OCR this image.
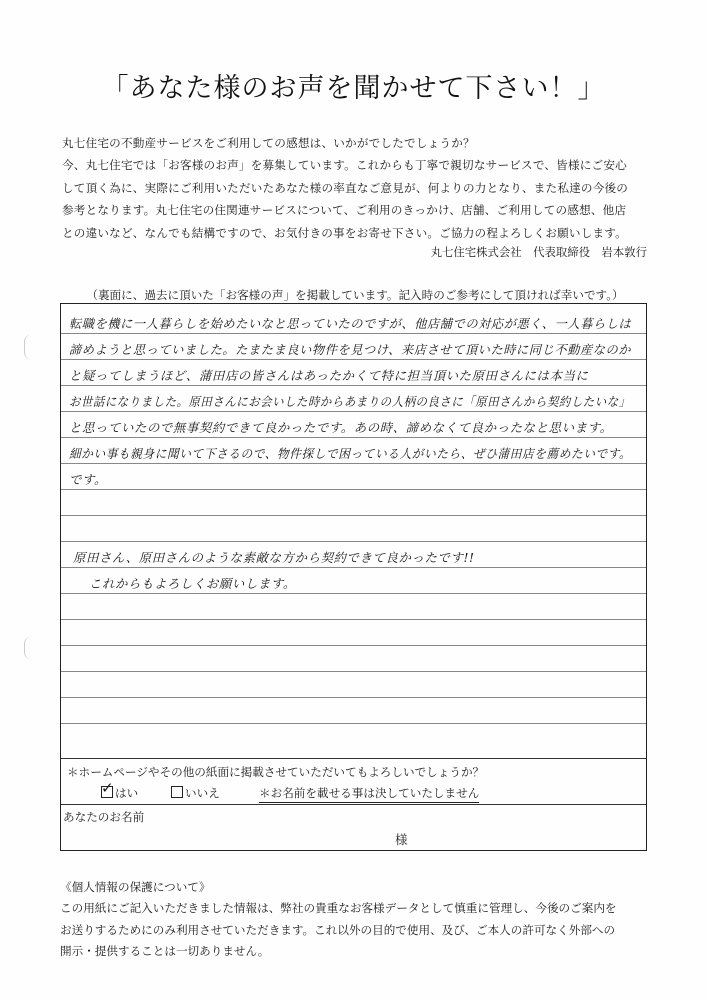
「あなた様のお声を聞かせて下さい！」

丸七住宅の不動産サービスをご利用しての感想は、いかがでしたでしょうか？

今、丸七住宅では「お客様のお声」を募集しています。これからも丁寧で親切なサービスで、皆様にご安心

して頂く為に、実際にご利用いただいたあなた様の率直なご意見が、何よりの力となり、また私達の今後の

参考となります。丸七住宅の住関連サービスについて、ご利用のきっかけ、店舗、ご利用しての感想、他店

との違いなど、なんでも結構ですので、お気付きの事をお寄せ下さい。ご協力の程よろしくお願いします。

丸七住宅株式会社　代表取締役　岩本敦行
（裏面に、過去に頂いた「お客様の声」を掲載しています。記入時のご参考にして頂ければ幸いです。）
転職を機に一人暮らしを始めたいなと思っていたのですが、他店舗での対応が悪く、一人暮らしは
諦めようと思っていました。たまたま良い物件を見つけ、来店させて頂いた時に同じ不動産なのか
と疑ってしまうほど、蒲田店の皆さんはあったかくて特に担当頂いた原田さんには本当に
お世話になりました。原田さんにお会いした時からあまりの人柄の良さに「原田さんから契約したいな」
と思っていたので無事契約できて良かったです。あの時、諦めなくて良かったなと思います。
細かい事も親身に聞いて下さるので、物件探しで困っている人がいたら、ぜひ蒲田店を薦めたいです。
です。
原田さん、原田さんのような素敵な方から契約できて良かったです!!
これからもよろしくお願いします。
＊ホームページやその他の紙面に掲載させていただいてもよろしいでしょうか？
✓ はい	いいえ	＊お名前を載せる事は決していたしません
あなたのお名前
様

《個人情報の保護について》

この用紙にご記入いただきました情報は、弊社の貴重なお客様データとして慎重に管理し、今後のご案内を

お送りするためにのみ利用させていただきます。これ以外の目的で使用、及び、ご本人の許可なく外部への

開示・提供することは一切ありません。
